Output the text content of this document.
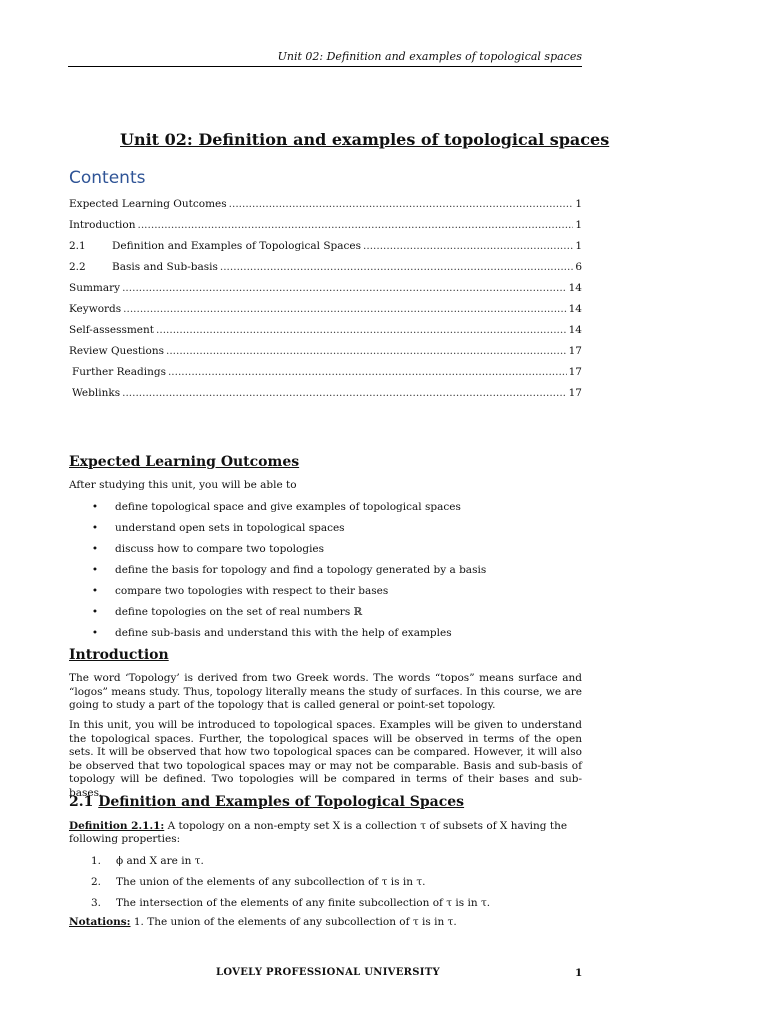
Unit 02: Definition and examples of topological spaces
Unit 02: Definition and examples of topological spaces
Contents
Expected Learning Outcomes .....	1
Introduction .....	1
2.1	Definition and Examples of Topological Spaces .....	1
2.2	Basis and Sub-basis .....	6
Summary .....	14
Keywords .....	14
Self-assessment .....	14
Review Questions .....	17
Further Readings .....	17
Weblinks .....	17
Expected Learning Outcomes
After studying this unit, you will be able to
•	define topological space and give examples of topological spaces
•	understand open sets in topological spaces
•	discuss how to compare two topologies
•	define the basis for topology and find a topology generated by a basis
•	compare two topologies with respect to their bases
•	define topologies on the set of real numbers ℝ
•	define sub-basis and understand this with the help of examples
Introduction
The word ‘Topology’ is derived from two Greek words. The words “topos” means surface and “logos” means study. Thus, topology literally means the study of surfaces. In this course, we are going to study a part of the topology that is called general or point-set topology.
In this unit, you will be introduced to topological spaces. Examples will be given to understand the topological spaces. Further, the topological spaces will be observed in terms of the open sets. It will be observed that how two topological spaces can be compared. However, it will also be observed that two topological spaces may or may not be comparable. Basis and sub-basis of topology will be defined. Two topologies will be compared in terms of their bases and sub-bases.
2.1 Definition and Examples of Topological Spaces
Definition 2.1.1: A topology on a non-empty set X is a collection τ of subsets of X having the following properties:
1.	ϕ and X are in τ.
2.	The union of the elements of any subcollection of τ is in τ.
3.	The intersection of the elements of any finite subcollection of τ is in τ.
Notations: 1. The union of the elements of any subcollection of τ is in τ.
LOVELY PROFESSIONAL UNIVERSITY	1
